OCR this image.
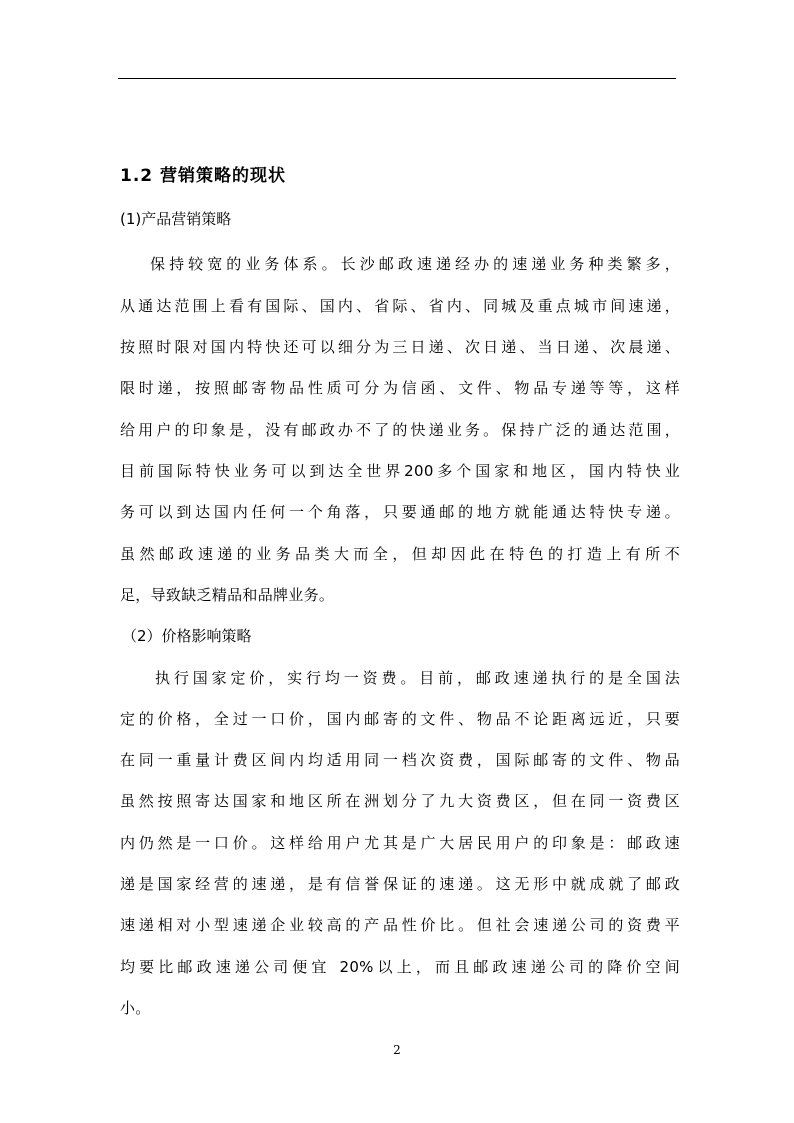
1.2 营销策略的现状
(1)产品营销策略
保持较宽的业务体系。长沙邮政速递经办的速递业务种类繁多，
从通达范围上看有国际、国内、省际、省内、同城及重点城市间速递，
按照时限对国内特快还可以细分为三日递、次日递、当日递、次晨递、
限时递，按照邮寄物品性质可分为信函、文件、物品专递等等，这样
给用户的印象是，没有邮政办不了的快递业务。保持广泛的通达范围，
目前国际特快业务可以到达全世界200多个国家和地区，国内特快业
务可以到达国内任何一个角落，只要通邮的地方就能通达特快专递。
虽然邮政速递的业务品类大而全，但却因此在特色的打造上有所不
足，导致缺乏精品和品牌业务。
（2）价格影响策略
执行国家定价，实行均一资费。目前，邮政速递执行的是全国法
定的价格，全过一口价，国内邮寄的文件、物品不论距离远近，只要
在同一重量计费区间内均适用同一档次资费，国际邮寄的文件、物品
虽然按照寄达国家和地区所在洲划分了九大资费区，但在同一资费区
内仍然是一口价。这样给用户尤其是广大居民用户的印象是：邮政速
递是国家经营的速递，是有信誉保证的速递。这无形中就成就了邮政
速递相对小型速递企业较高的产品性价比。但社会速递公司的资费平
均要比邮政速递公司便宜 20%以上，而且邮政速递公司的降价空间
小。
2
